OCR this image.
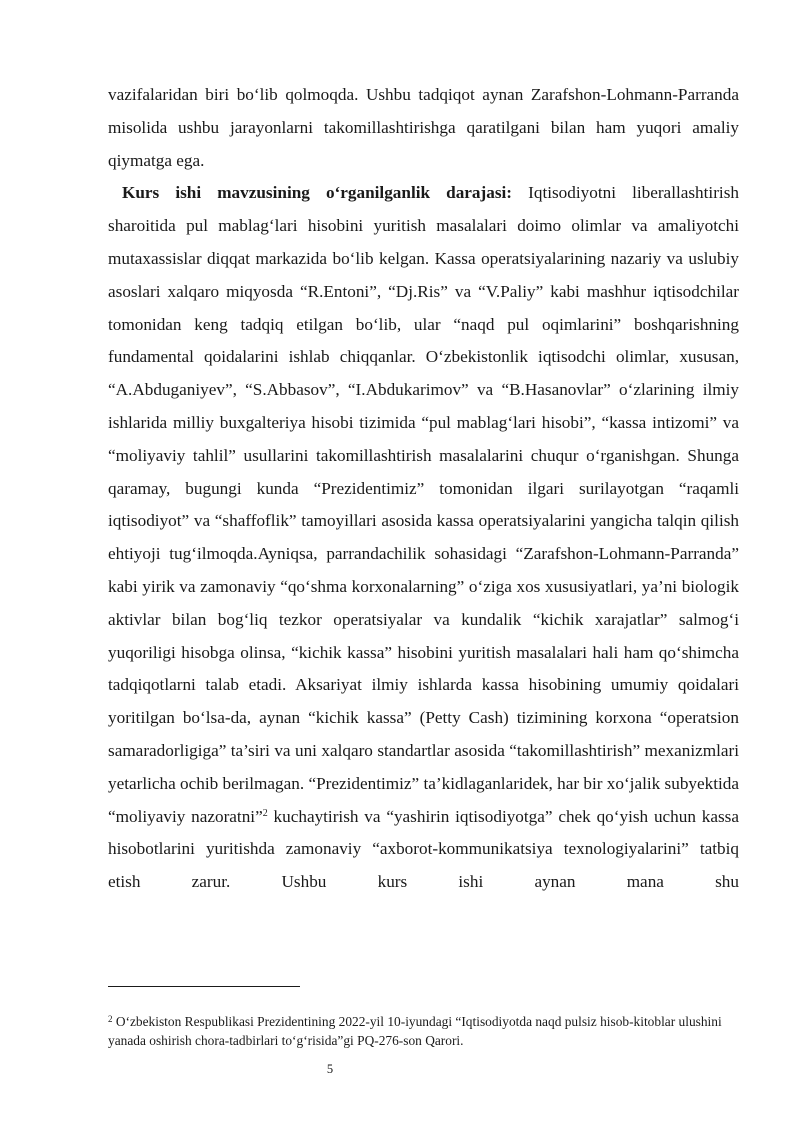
vazifalaridan biri bo‘lib qolmoqda. Ushbu tadqiqot aynan Zarafshon-Lohmann-Parranda misolida ushbu jarayonlarni takomillashtirishga qaratilgani bilan ham yuqori amaliy qiymatga ega.

Kurs ishi mavzusining o‘rganilganlik darajasi: Iqtisodiyotni liberallashtirish sharoitida pul mablag‘lari hisobini yuritish masalalari doimo olimlar va amaliyotchi mutaxassislar diqqat markazida bo‘lib kelgan. Kassa operatsiyalarining nazariy va uslubiy asoslari xalqaro miqyosda “R.Entoni”, “Dj.Ris” va “V.Paliy” kabi mashhur iqtisodchilar tomonidan keng tadqiq etilgan bo‘lib, ular “naqd pul oqimlarini” boshqarishning fundamental qoidalarini ishlab chiqqanlar. O‘zbekistonlik iqtisodchi olimlar, xususan, “A.Abduganiyev”, “S.Abbasov”, “I.Abdukarimov” va “B.Hasanovlar” o‘zlarining ilmiy ishlarida milliy buxgalteriya hisobi tizimida “pul mablag‘lari hisobi”, “kassa intizomi” va “moliyaviy tahlil” usullarini takomillashtirish masalalarini chuqur o‘rganishgan. Shunga qaramay, bugungi kunda “Prezidentimiz” tomonidan ilgari surilayotgan “raqamli iqtisodiyot” va “shaffoflik” tamoyillari asosida kassa operatsiyalarini yangicha talqin qilish ehtiyoji tug‘ilmoqda.Ayniqsa, parrandachilik sohasidagi “Zarafshon-Lohmann-Parranda” kabi yirik va zamonaviy “qo‘shma korxonalarning” o‘ziga xos xususiyatlari, ya’ni biologik aktivlar bilan bog‘liq tezkor operatsiyalar va kundalik “kichik xarajatlar” salmog‘i yuqoriligi hisobga olinsa, “kichik kassa” hisobini yuritish masalalari hali ham qo‘shimcha tadqiqotlarni talab etadi. Aksariyat ilmiy ishlarda kassa hisobining umumiy qoidalari yoritilgan bo‘lsa-da, aynan “kichik kassa” (Petty Cash) tizimining korxona “operatsion samaradorligiga” ta’siri va uni xalqaro standartlar asosida “takomillashtirish” mexanizmlari yetarlicha ochib berilmagan. “Prezidentimiz” ta’kidlaganlaridek, har bir xo‘jalik subyektida “moliyaviy nazoratni”$^2$ kuchaytirish va “yashirin iqtisodiyotga” chek qo‘yish uchun kassa hisobotlarini yuritishda zamonaviy “axborot-kommunikatsiya texnologiyalarini” tatbiq etish zarur. Ushbu kurs ishi aynan mana shu

$^2$ O‘zbekiston Respublikasi Prezidentining 2022-yil 10-iyundagi “Iqtisodiyotda naqd pulsiz hisob-kitoblar ulushini yanada oshirish chora-tadbirlari to‘g‘risida”gi PQ-276-son Qarori.
5
